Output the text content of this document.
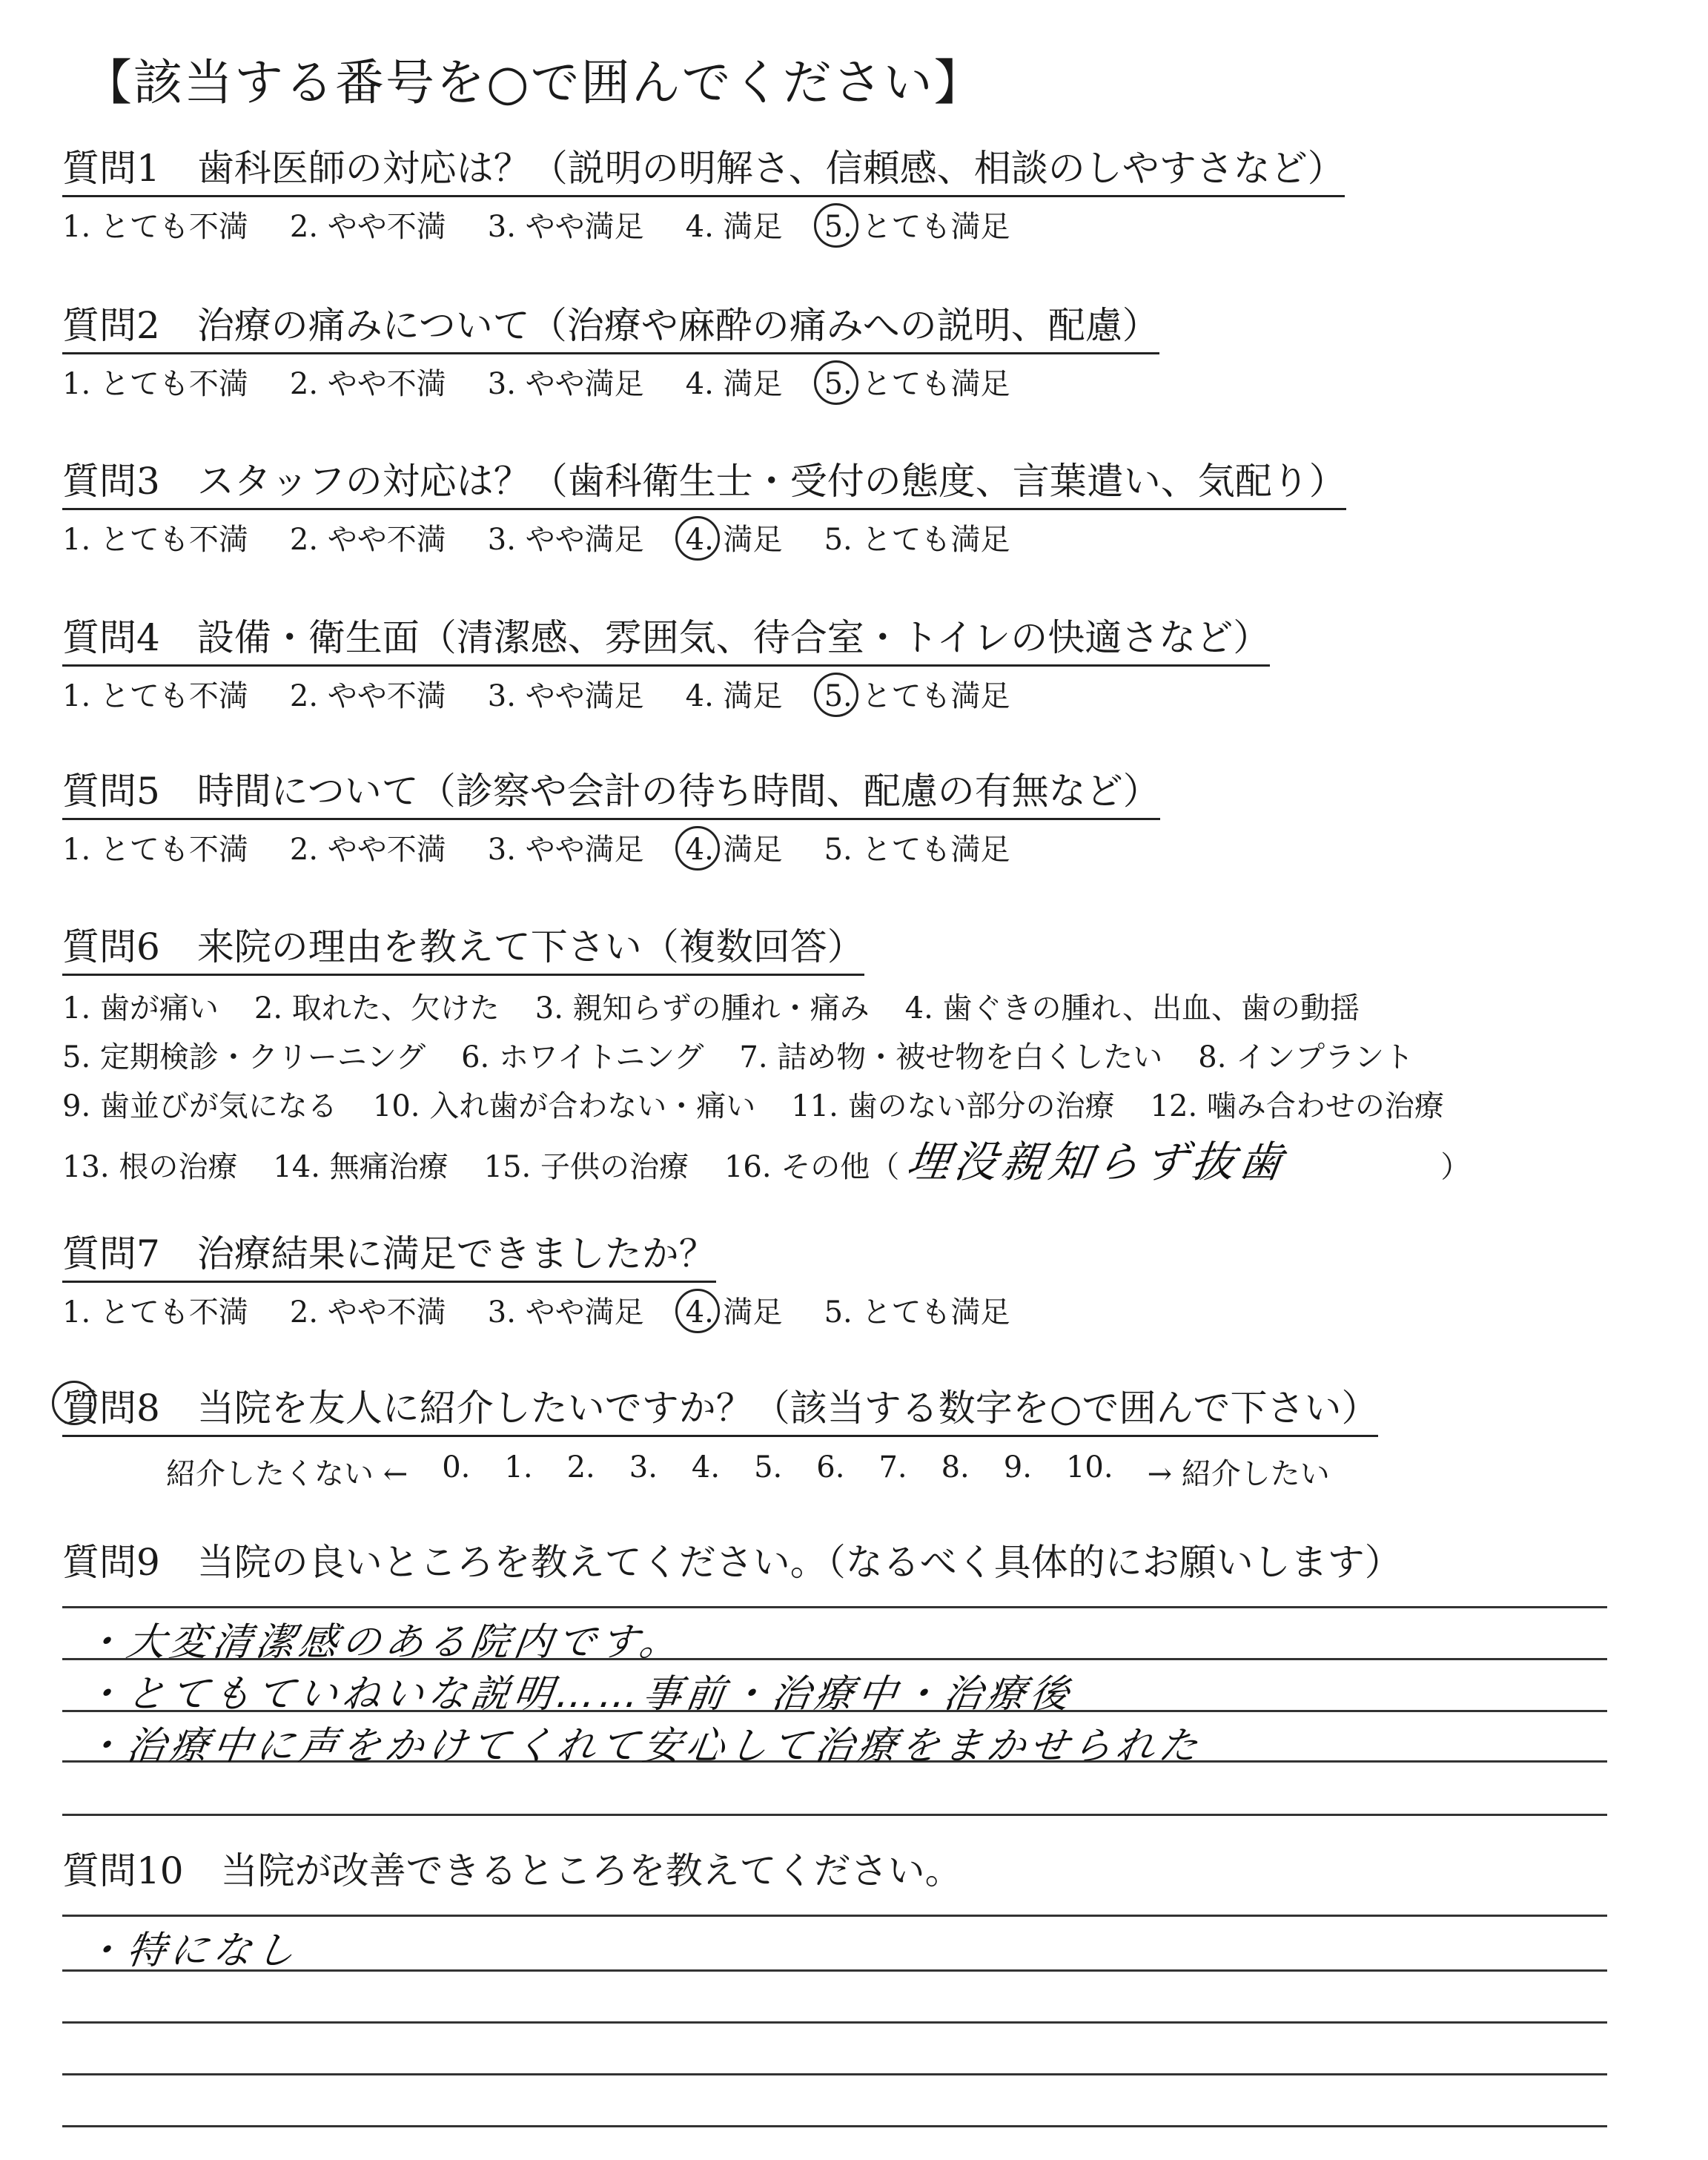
【該当する番号を○で囲んでください】
質問1 歯科医師の対応は？（説明の明解さ、信頼感、相談のしやすさなど）
1. とても不満 2. やや不満 3. やや満足 4. 満足 5. とても満足
質問2 治療の痛みについて（治療や麻酔の痛みへの説明、配慮）
1. とても不満 2. やや不満 3. やや満足 4. 満足 5. とても満足
質問3 スタッフの対応は？（歯科衛生士・受付の態度、言葉遣い、気配り）
1. とても不満 2. やや不満 3. やや満足 4. 満足 5. とても満足
質問4 設備・衛生面（清潔感、雰囲気、待合室・トイレの快適さなど）
1. とても不満 2. やや不満 3. やや満足 4. 満足 5. とても満足
質問5 時間について（診察や会計の待ち時間、配慮の有無など）
1. とても不満 2. やや不満 3. やや満足 4. 満足 5. とても満足
質問6 来院の理由を教えて下さい（複数回答）
1. 歯が痛い 2. 取れた、欠けた 3. 親知らずの腫れ・痛み 4. 歯ぐきの腫れ、出血、歯の動揺
5. 定期検診・クリーニング 6. ホワイトニング 7. 詰め物・被せ物を白くしたい 8. インプラント
9. 歯並びが気になる 10. 入れ歯が合わない・痛い 11. 歯のない部分の治療 12. 噛み合わせの治療
13. 根の治療 14. 無痛治療 15. 子供の治療 16. その他（ 埋没親知らず抜歯	）
質問7 治療結果に満足できましたか？
1. とても不満 2. やや不満 3. やや満足 4. 満足 5. とても満足
質問8 当院を友人に紹介したいですか？（該当する数字を○で囲んで下さい）
紹介したくない ← 0. 1. 2. 3. 4. 5. 6. 7. 8. 9. 10. → 紹介したい
質問9 当院の良いところを教えてください。（なるべく具体的にお願いします）
・大変清潔感のある院内です。
・とてもていねいな説明……事前・治療中・治療後
・治療中に声をかけてくれて安心して治療をまかせられた
質問10 当院が改善できるところを教えてください。
・特になし
